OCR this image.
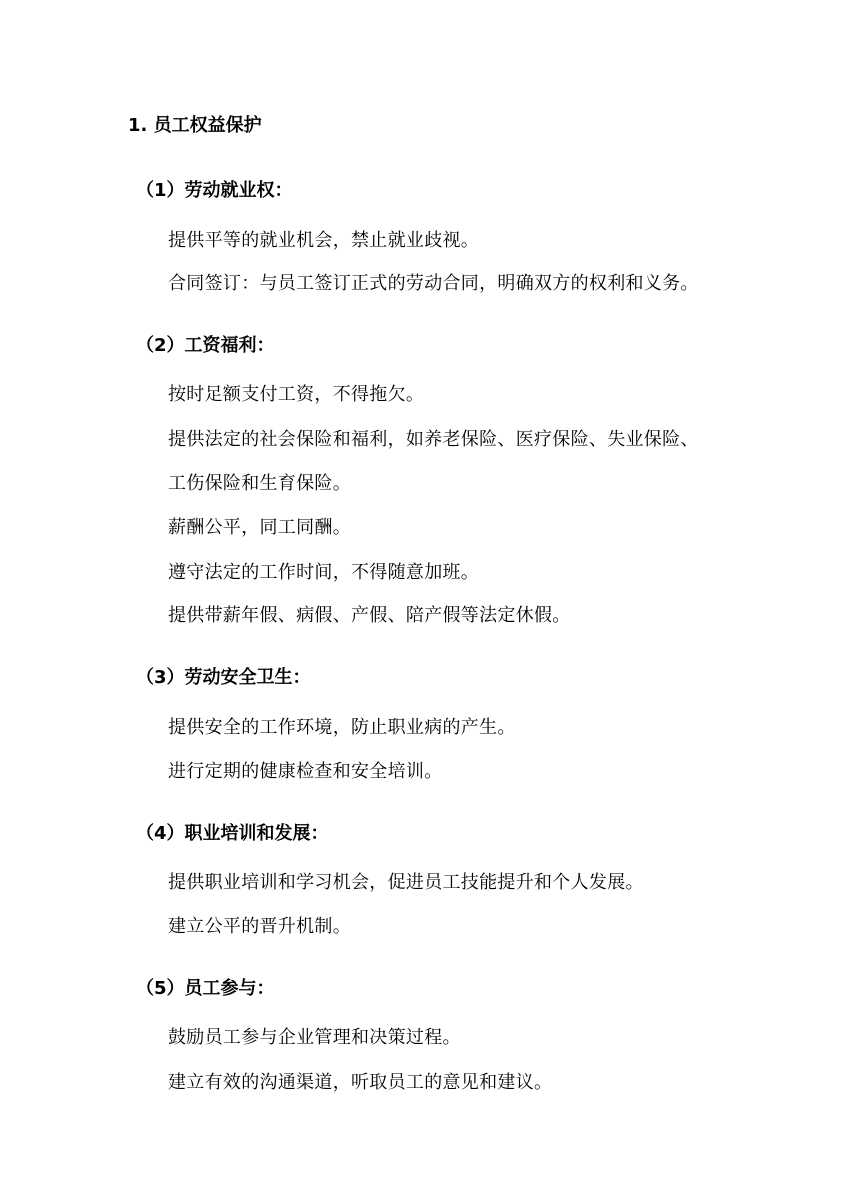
1. 员工权益保护
（1）劳动就业权：
提供平等的就业机会，禁止就业歧视。
合同签订：与员工签订正式的劳动合同，明确双方的权利和义务。
（2）工资福利：
按时足额支付工资，不得拖欠。
提供法定的社会保险和福利，如养老保险、医疗保险、失业保险、
工伤保险和生育保险。
薪酬公平，同工同酬。
遵守法定的工作时间，不得随意加班。
提供带薪年假、病假、产假、陪产假等法定休假。
（3）劳动安全卫生：
提供安全的工作环境，防止职业病的产生。
进行定期的健康检查和安全培训。
（4）职业培训和发展：
提供职业培训和学习机会，促进员工技能提升和个人发展。
建立公平的晋升机制。
（5）员工参与：
鼓励员工参与企业管理和决策过程。
建立有效的沟通渠道，听取员工的意见和建议。
